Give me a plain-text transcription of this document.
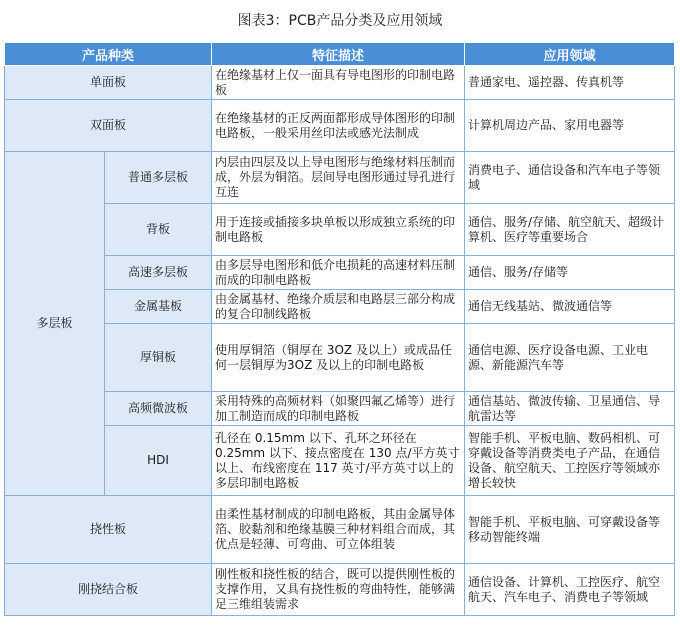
图表3：PCB产品分类及应用领域
产品种类		特征描述	应用领域
单面板		在绝缘基材上仅一面具有导电图形的印制电路板	普通家电、遥控器、传真机等
双面板		在绝缘基材的正反两面都形成导体图形的印制电路板，一般采用丝印法或感光法制成	计算机周边产品、家用电器等
多层板	普通多层板	内层由四层及以上导电图形与绝缘材料压制而成，外层为铜箔。层间导电图形通过导孔进行互连	消费电子、通信设备和汽车电子等领域
	背板	用于连接或插接多块单板以形成独立系统的印制电路板	通信、服务/存储、航空航天、超级计算机、医疗等重要场合
	高速多层板	由多层导电图形和低介电损耗的高速材料压制而成的印制电路板	通信、服务/存储等
	金属基板	由金属基材、绝缘介质层和电路层三部分构成的复合印制线路板	通信无线基站、微波通信等
	厚铜板	使用厚铜箔（铜厚在 3OZ 及以上）或成品任何一层铜厚为3OZ 及以上的印制电路板	通信电源、医疗设备电源、工业电源、新能源汽车等
	高频微波板	采用特殊的高频材料（如聚四氟乙烯等）进行加工制造而成的印制电路板	通信基站、微波传输、卫星通信、导航雷达等
	HDI	孔径在 0.15mm 以下、孔环之环径在 0.25mm 以下、接点密度在 130 点/平方英寸以上、布线密度在 117 英寸/平方英寸以上的多层印制电路板	智能手机、平板电脑、数码相机、可穿戴设备等消费类电子产品，在通信设备、航空航天、工控医疗等领域亦增长较快
挠性板		由柔性基材制成的印制电路板，其由金属导体箔、胶黏剂和绝缘基膜三种材料组合而成，其优点是轻薄、可弯曲、可立体组装	智能手机、平板电脑、可穿戴设备等移动智能终端
刚挠结合板		刚性板和挠性板的结合，既可以提供刚性板的支撑作用，又具有挠性板的弯曲特性，能够满足三维组装需求	通信设备、计算机、工控医疗、航空航天、汽车电子、消费电子等领域
